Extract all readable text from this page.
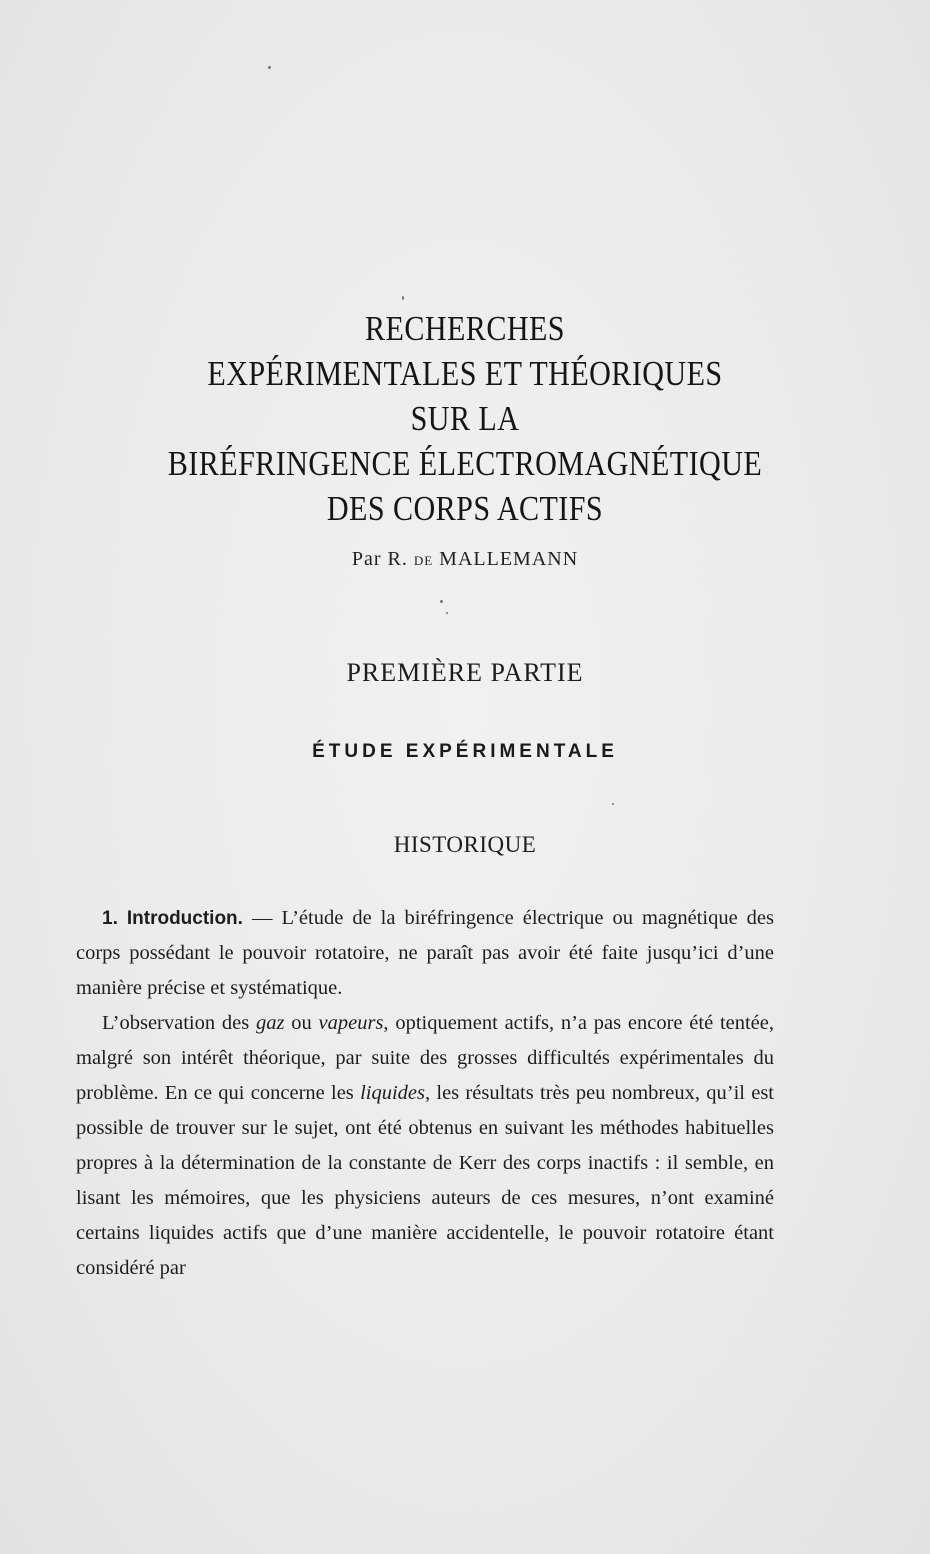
RECHERCHES
EXPÉRIMENTALES ET THÉORIQUES
SUR LA
BIRÉFRINGENCE ÉLECTROMAGNÉTIQUE
DES CORPS ACTIFS
Par R. DE MALLEMANN
PREMIÈRE PARTIE
ÉTUDE EXPÉRIMENTALE
HISTORIQUE

1. Introduction. — L’étude de la biréfringence électrique ou magnétique des corps possédant le pouvoir rotatoire, ne paraît pas avoir été faite jusqu’ici d’une manière précise et systématique.

L’observation des gaz ou vapeurs, optiquement actifs, n’a pas encore été tentée, malgré son intérêt théorique, par suite des grosses difficultés expérimentales du problème. En ce qui concerne les liquides, les résultats très peu nombreux, qu’il est possible de trouver sur le sujet, ont été obtenus en suivant les méthodes habituelles propres à la détermination de la constante de Kerr des corps inactifs : il semble, en lisant les mémoires, que les physiciens auteurs de ces mesures, n’ont examiné certains liquides actifs que d’une manière accidentelle, le pouvoir rotatoire étant considéré par
